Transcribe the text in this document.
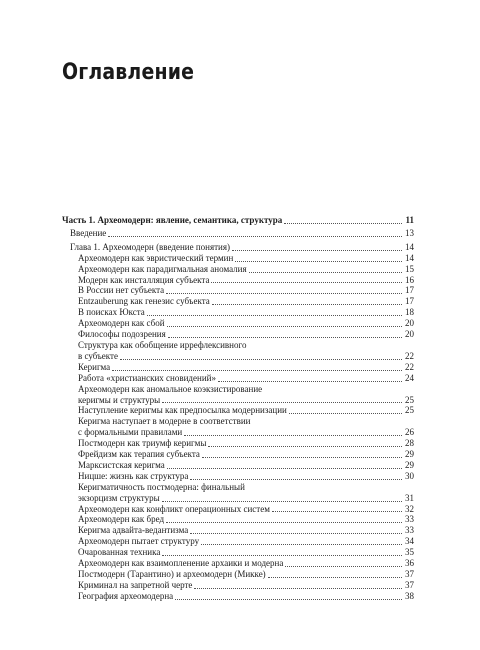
Оглавление
Часть 1. Археомодерн: явление, семантика, структура	11
Введение	13
Глава 1. Археомодерн (введение понятия)	14
Археомодерн как эвристический термин	14
Археомодерн как парадигмальная аномалия	15
Модерн как инсталляция субъекта	16
В России нет субъекта	17
Entzauberung как генезис субъекта	17
В поисках Юкста	18
Археомодерн как сбой	20
Философы подозрения	20
Структура как обобщение иррефлексивного
в субъекте	22
Керигма	22
Работа «христианских сновидений»	24
Археомодерн как аномальное коэкзистирование
керигмы и структуры	25
Наступление керигмы как предпосылка модернизации	25
Керигма наступает в модерне в соответствии
с формальными правилами	26
Постмодерн как триумф керигмы	28
Фрейдизм как терапия субъекта	29
Марксистская керигма	29
Ницше: жизнь как структура	30
Керигматичность постмодерна: финальный
экзорцизм структуры	31
Археомодерн как конфликт операционных систем	32
Археомодерн как бред	33
Керигма адвайта-ведантизма	33
Археомодерн пытает структуру	34
Очарованная техника	35
Археомодерн как взаимопленение архаики и модерна	36
Постмодерн (Тарантино) и археомодерн (Микке)	37
Криминал на запретной черте	37
География археомодерна	38
